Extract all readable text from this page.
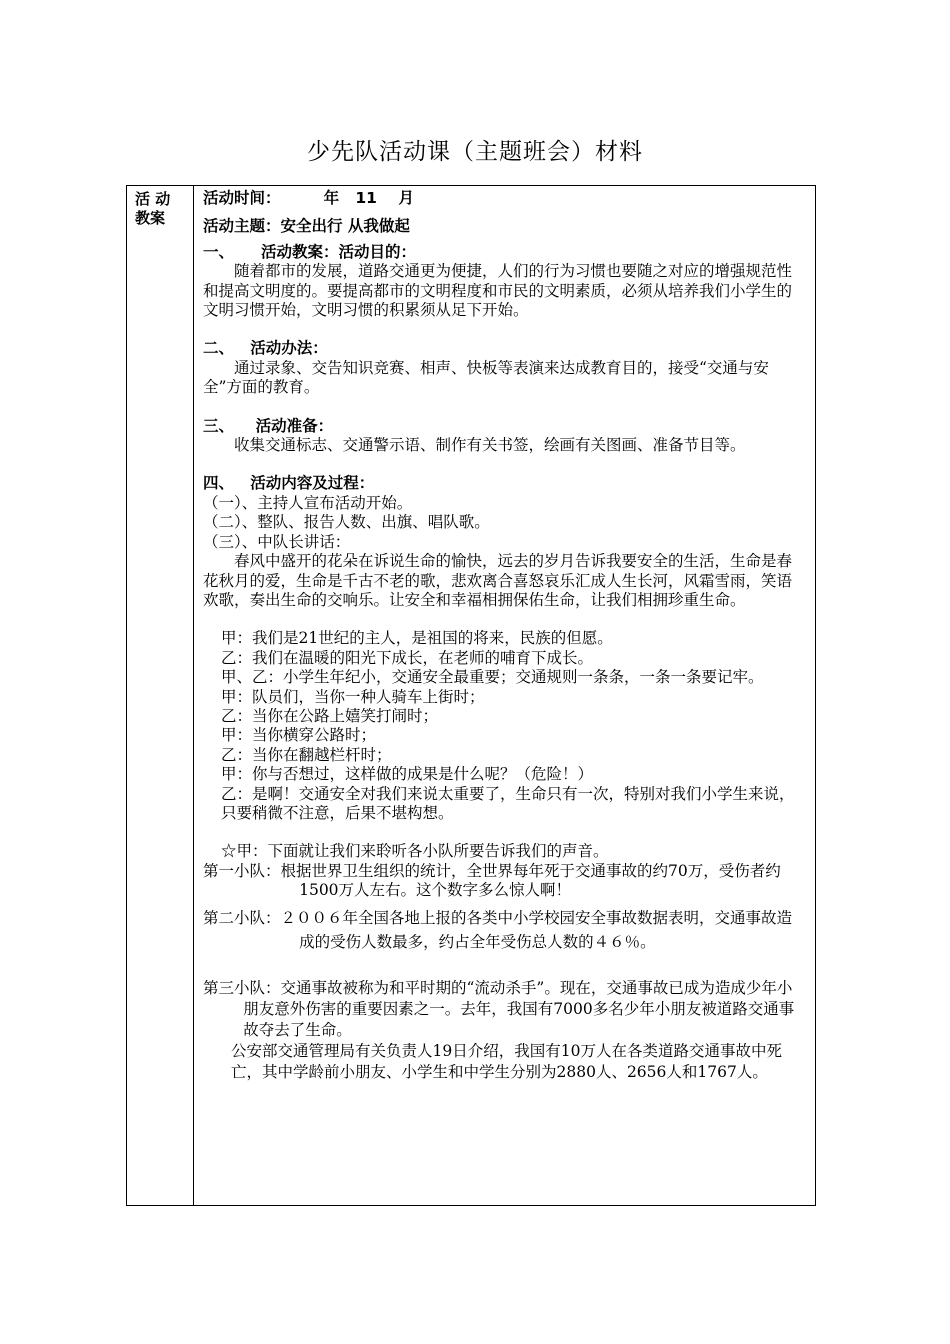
少先队活动课（主题班会）材料
活 动
教案

活动时间：        年   11    月

活动主题：安全出行 从我做起

一、     活动教案：活动目的：

随着都市的发展，道路交通更为便捷，人们的行为习惯也要随之对应的增强规范性和提高文明度的。要提高都市的文明程度和市民的文明素质，必须从培养我们小学生的文明习惯开始，文明习惯的积累须从足下开始。

二、   活动办法：

通过录象、交告知识竞赛、相声、快板等表演来达成教育目的，接受“交通与安全”方面的教育。

三、    活动准备：

收集交通标志、交通警示语、制作有关书签，绘画有关图画、准备节目等。

四、   活动内容及过程：

（一）、主持人宣布活动开始。

（二）、整队、报告人数、出旗、唱队歌。

（三）、中队长讲话：

春风中盛开的花朵在诉说生命的愉快，远去的岁月告诉我要安全的生活，生命是春花秋月的爱，生命是千古不老的歌，悲欢离合喜怒哀乐汇成人生长河，风霜雪雨，笑语欢歌，奏出生命的交响乐。让安全和幸福相拥保佑生命，让我们相拥珍重生命。

甲：我们是21世纪的主人，是祖国的将来，民族的但愿。

乙：我们在温暖的阳光下成长，在老师的哺育下成长。

甲、乙：小学生年纪小，交通安全最重要；交通规则一条条，一条一条要记牢。

甲：队员们，当你一种人骑车上街时；

乙：当你在公路上嬉笑打闹时；

甲：当你横穿公路时；

乙：当你在翻越栏杆时；

甲：你与否想过，这样做的成果是什么呢？（危险！）

乙：是啊！交通安全对我们来说太重要了，生命只有一次，特别对我们小学生来说，只要稍微不注意，后果不堪构想。

☆甲：下面就让我们来聆听各小队所要告诉我们的声音。

第一小队：根据世界卫生组织的统计，全世界每年死于交通事故的约70万，受伤者约1500万人左右。这个数字多么惊人啊！

第二小队：２００６年全国各地上报的各类中小学校园安全事故数据表明，交通事故造成的受伤人数最多，约占全年受伤总人数的４６％。

第三小队：交通事故被称为和平时期的“流动杀手”。现在，交通事故已成为造成少年小朋友意外伤害的重要因素之一。去年，我国有7000多名少年小朋友被道路交通事故夺去了生命。

公安部交通管理局有关负责人19日介绍，我国有10万人在各类道路交通事故中死亡，其中学龄前小朋友、小学生和中学生分别为2880人、2656人和1767人。
